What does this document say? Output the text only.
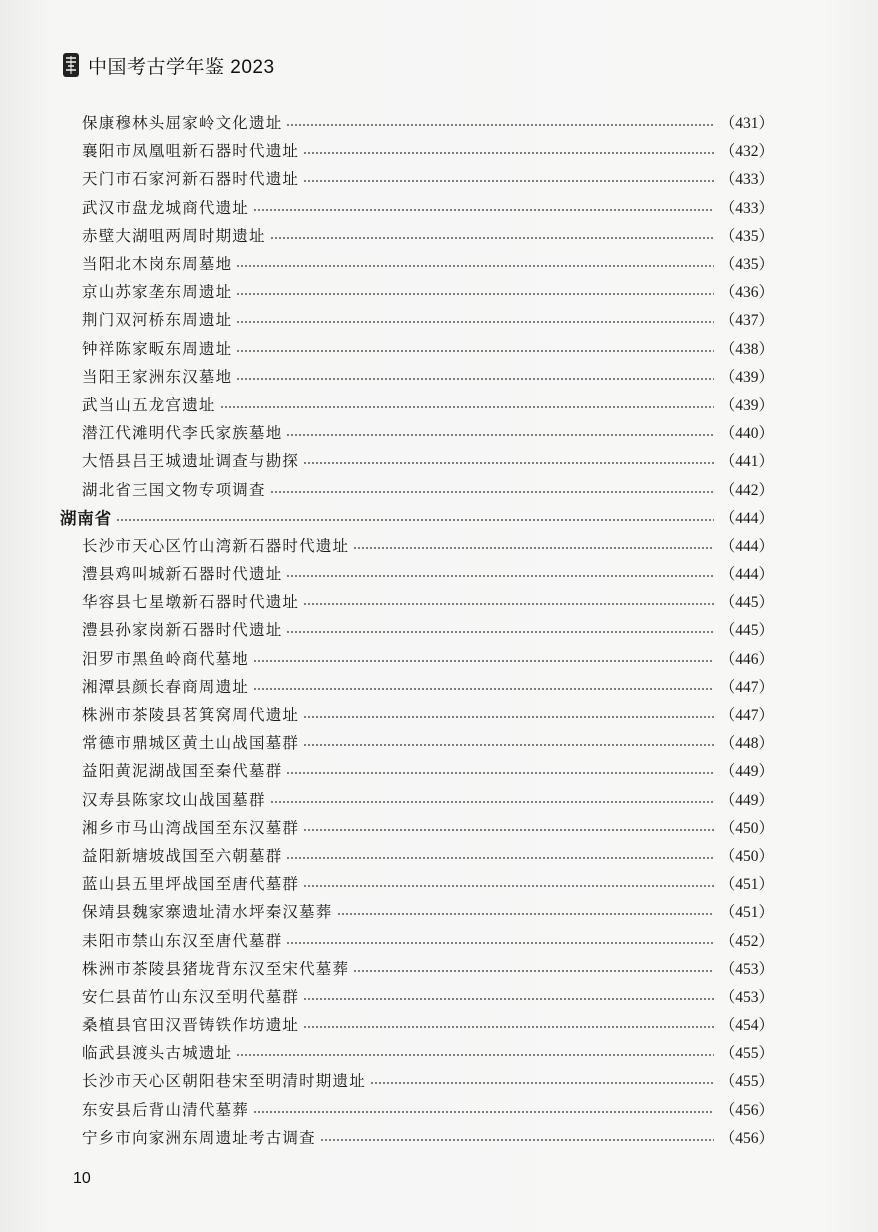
中国考古学年鉴 2023
保康穆林头屈家岭文化遗址	（431）
襄阳市凤凰咀新石器时代遗址	（432）
天门市石家河新石器时代遗址	（433）
武汉市盘龙城商代遗址	（433）
赤壁大湖咀两周时期遗址	（435）
当阳北木岗东周墓地	（435）
京山苏家垄东周遗址	（436）
荆门双河桥东周遗址	（437）
钟祥陈家畈东周遗址	（438）
当阳王家洲东汉墓地	（439）
武当山五龙宫遗址	（439）
潜江代滩明代李氏家族墓地	（440）
大悟县吕王城遗址调查与勘探	（441）
湖北省三国文物专项调查	（442）
湖南省	（444）
长沙市天心区竹山湾新石器时代遗址	（444）
澧县鸡叫城新石器时代遗址	（444）
华容县七星墩新石器时代遗址	（445）
澧县孙家岗新石器时代遗址	（445）
汨罗市黑鱼岭商代墓地	（446）
湘潭县颜长春商周遗址	（447）
株洲市茶陵县茗箕窝周代遗址	（447）
常德市鼎城区黄土山战国墓群	（448）
益阳黄泥湖战国至秦代墓群	（449）
汉寿县陈家坟山战国墓群	（449）
湘乡市马山湾战国至东汉墓群	（450）
益阳新塘坡战国至六朝墓群	（450）
蓝山县五里坪战国至唐代墓群	（451）
保靖县魏家寨遗址清水坪秦汉墓葬	（451）
耒阳市禁山东汉至唐代墓群	（452）
株洲市茶陵县猪垅背东汉至宋代墓葬	（453）
安仁县苗竹山东汉至明代墓群	（453）
桑植县官田汉晋铸铁作坊遗址	（454）
临武县渡头古城遗址	（455）
长沙市天心区朝阳巷宋至明清时期遗址	（455）
东安县后背山清代墓葬	（456）
宁乡市向家洲东周遗址考古调查	（456）
10
